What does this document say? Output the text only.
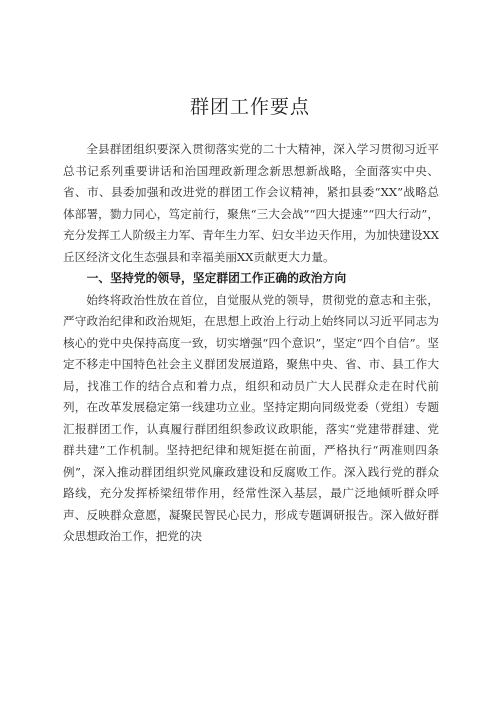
群团工作要点

全县群团组织要深入贯彻落实党的二十大精神，深入学习贯彻习近平总书记系列重要讲话和治国理政新理念新思想新战略，全面落实中央、省、市、县委加强和改进党的群团工作会议精神，紧扣县委“XX”战略总体部署，勠力同心，笃定前行，聚焦“三大会战”“四大提速”“四大行动”，充分发挥工人阶级主力军、青年生力军、妇女半边天作用，为加快建设XX丘区经济文化生态强县和幸福美丽XX贡献更大力量。

一、坚持党的领导，坚定群团工作正确的政治方向

始终将政治性放在首位，自觉服从党的领导，贯彻党的意志和主张，严守政治纪律和政治规矩，在思想上政治上行动上始终同以习近平同志为核心的党中央保持高度一致，切实增强“四个意识”，坚定“四个自信”。坚定不移走中国特色社会主义群团发展道路，聚焦中央、省、市、县工作大局，找准工作的结合点和着力点，组织和动员广大人民群众走在时代前列，在改革发展稳定第一线建功立业。坚持定期向同级党委（党组）专题汇报群团工作，认真履行群团组织参政议政职能，落实“党建带群建、党群共建”工作机制。坚持把纪律和规矩挺在前面，严格执行“两准则四条例”，深入推动群团组织党风廉政建设和反腐败工作。深入践行党的群众路线，充分发挥桥梁纽带作用，经常性深入基层，最广泛地倾听群众呼声、反映群众意愿，凝聚民智民心民力，形成专题调研报告。深入做好群众思想政治工作，把党的决
